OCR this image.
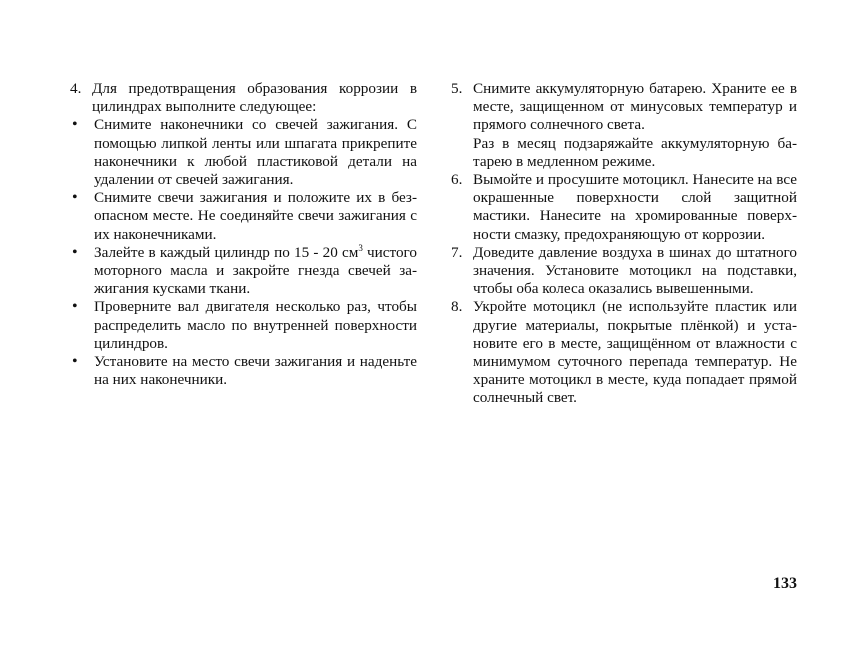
4. Для предотвращения образования коррозии в цилиндрах выполните следующее:

•	Снимите наконечники со свечей зажигания. С помощью липкой ленты или шпагата прикрепите наконечники к любой пластиковой детали на удалении от свечей зажигания.

•	Снимите свечи зажигания и положите их в безопасном месте. Не соединяйте свечи зажигания с их наконечниками.

•	Залейте в каждый цилиндр по 15 - 20 $см^3$ чистого моторного масла и закройте гнезда свечей зажигания кусками ткани.

•	Проверните вал двигателя несколько раз, чтобы распределить масло по внутренней поверхности цилиндров.

•	Установите на место свечи зажигания и наденьте на них наконечники.

5. Снимите аккумуляторную батарею. Храните ее в месте, защищенном от минусовых температур и прямого солнечного света.

Раз в месяц подзаряжайте аккумуляторную батарею в медленном режиме.

6. Вымойте и просушите мотоцикл. Нанесите на все окрашенные поверхности слой защитной мастики. Нанесите на хромированные поверхности смазку, предохраняющую от коррозии.

7. Доведите давление воздуха в шинах до штатного значения. Установите мотоцикл на подставки, чтобы оба колеса оказались вывешенными.

8. Укройте мотоцикл (не используйте пластик или другие материалы, покрытые плёнкой) и установите его в месте, защищённом от влажности с минимумом суточного перепада температур. Не храните мотоцикл в месте, куда попадает прямой солнечный свет.

133
